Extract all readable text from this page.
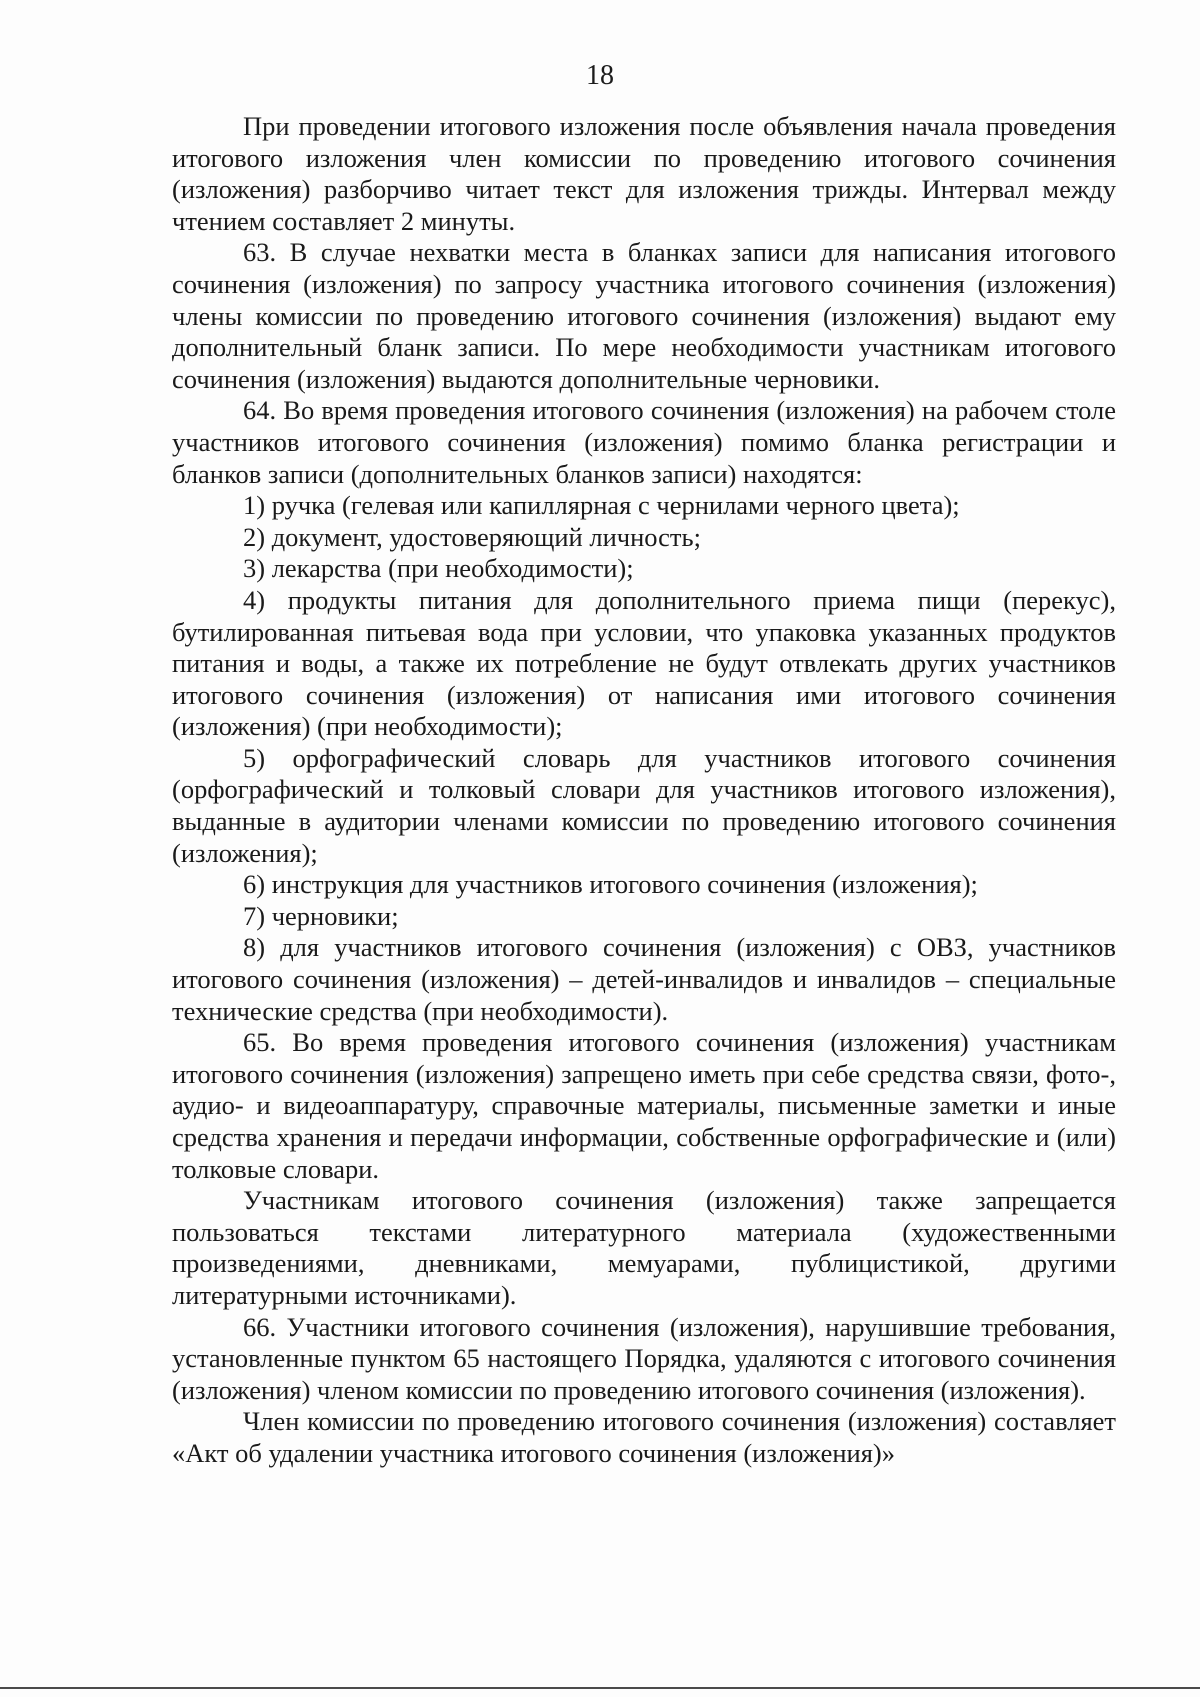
18

При проведении итогового изложения после объявления начала проведения итогового изложения член комиссии по проведению итогового сочинения (изложения) разборчиво читает текст для изложения трижды. Интервал между чтением составляет 2 минуты.

63. В случае нехватки места в бланках записи для написания итогового сочинения (изложения) по запросу участника итогового сочинения (изложения) члены комиссии по проведению итогового сочинения (изложения) выдают ему дополнительный бланк записи. По мере необходимости участникам итогового сочинения (изложения) выдаются дополнительные черновики.

64. Во время проведения итогового сочинения (изложения) на рабочем столе участников итогового сочинения (изложения) помимо бланка регистрации и бланков записи (дополнительных бланков записи) находятся:

1) ручка (гелевая или капиллярная с чернилами черного цвета);

2) документ, удостоверяющий личность;

3) лекарства (при необходимости);

4) продукты питания для дополнительного приема пищи (перекус), бутилированная питьевая вода при условии, что упаковка указанных продуктов питания и воды, а также их потребление не будут отвлекать других участников итогового сочинения (изложения) от написания ими итогового сочинения (изложения) (при необходимости);

5) орфографический словарь для участников итогового сочинения (орфографический и толковый словари для участников итогового изложения), выданные в аудитории членами комиссии по проведению итогового сочинения (изложения);

6) инструкция для участников итогового сочинения (изложения);

7) черновики;

8) для участников итогового сочинения (изложения) с ОВЗ, участников итогового сочинения (изложения) – детей-инвалидов и инвалидов – специальные технические средства (при необходимости).

65. Во время проведения итогового сочинения (изложения) участникам итогового сочинения (изложения) запрещено иметь при себе средства связи, фото-, аудио- и видеоаппаратуру, справочные материалы, письменные заметки и иные средства хранения и передачи информации, собственные орфографические и (или) толковые словари.

Участникам итогового сочинения (изложения) также запрещается пользоваться текстами литературного материала (художественными произведениями, дневниками, мемуарами, публицистикой, другими литературными источниками).

66. Участники итогового сочинения (изложения), нарушившие требования, установленные пунктом 65 настоящего Порядка, удаляются с итогового сочинения (изложения) членом комиссии по проведению итогового сочинения (изложения).

Член комиссии по проведению итогового сочинения (изложения) составляет «Акт об удалении участника итогового сочинения (изложения)»
